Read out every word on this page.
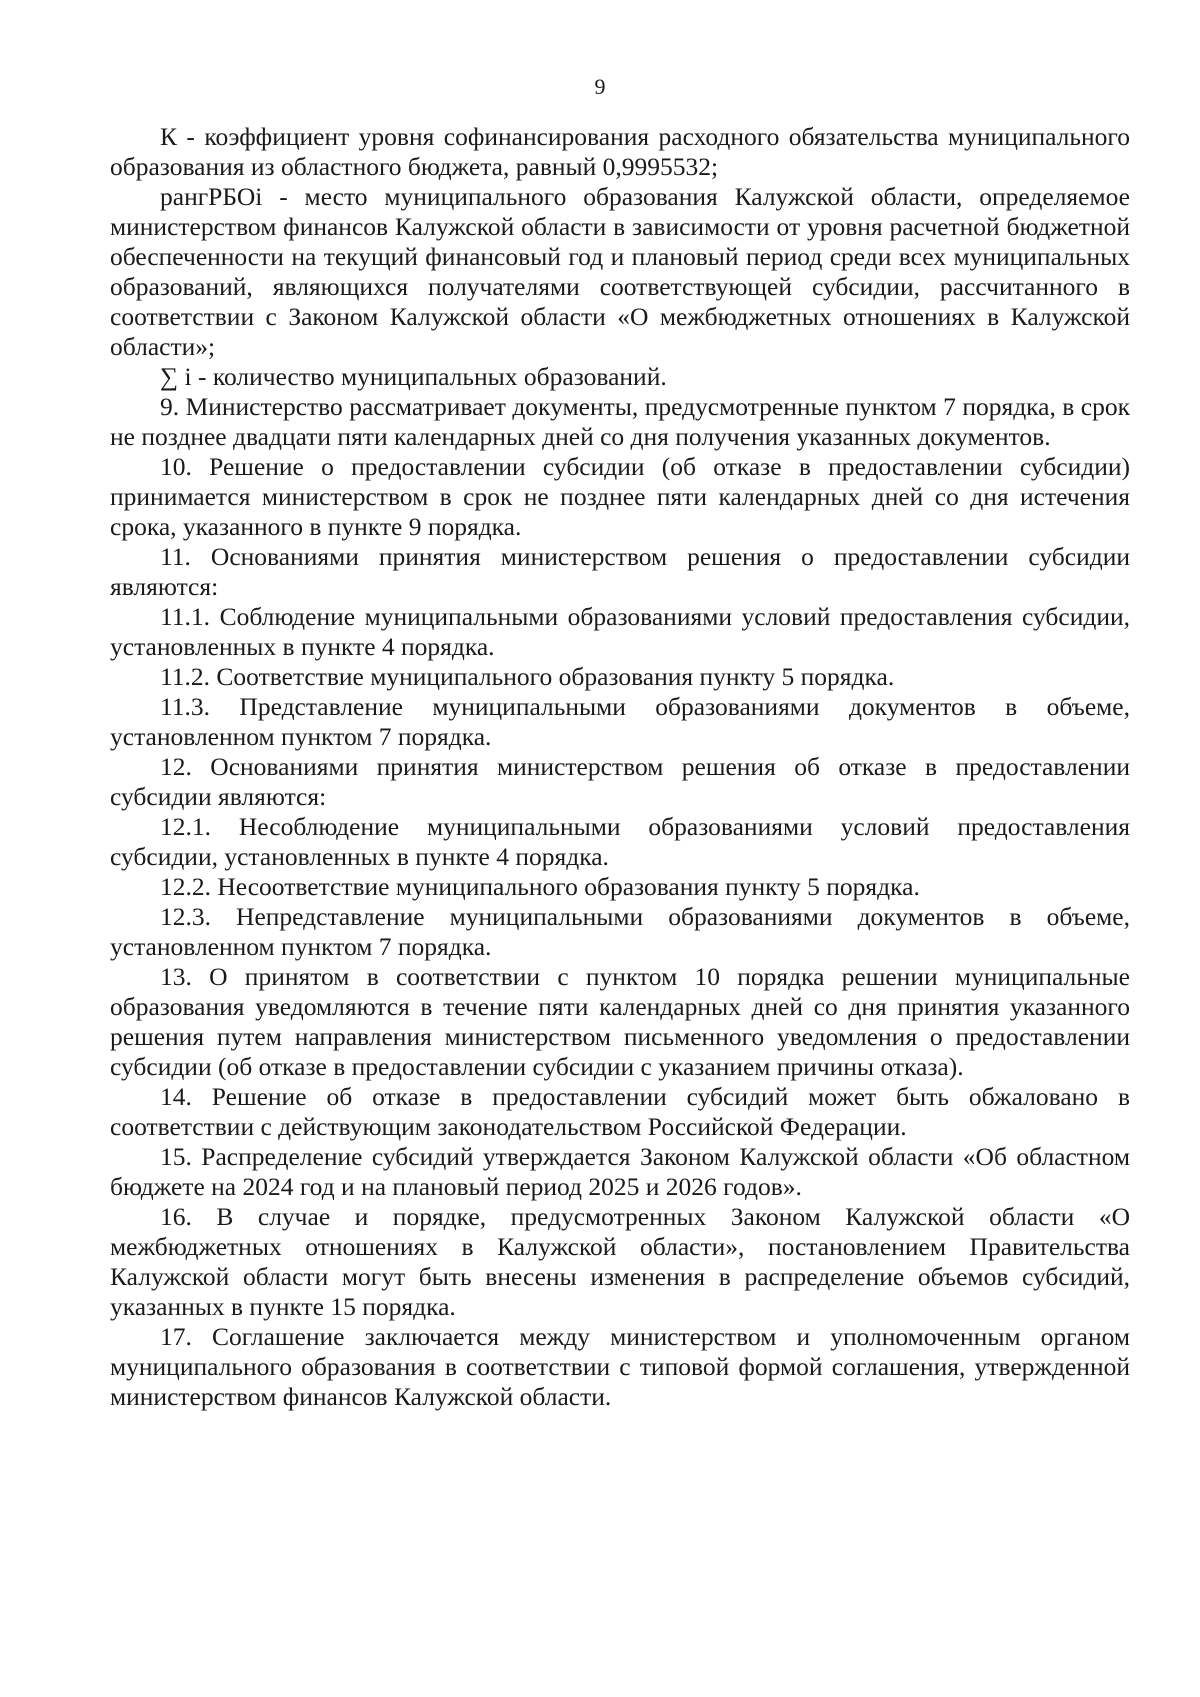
9

К - коэффициент уровня софинансирования расходного обязательства муниципального образования из областного бюджета, равный 0,9995532;

рангРБОi - место муниципального образования Калужской области, определяемое министерством финансов Калужской области в зависимости от уровня расчетной бюджетной обеспеченности на текущий финансовый год и плановый период среди всех муниципальных образований, являющихся получателями соответствующей субсидии, рассчитанного в соответствии с Законом Калужской области «О межбюджетных отношениях в Калужской области»;

∑ i - количество муниципальных образований.

9. Министерство рассматривает документы, предусмотренные пунктом 7 порядка, в срок не позднее двадцати пяти календарных дней со дня получения указанных документов.

10. Решение о предоставлении субсидии (об отказе в предоставлении субсидии) принимается министерством в срок не позднее пяти календарных дней со дня истечения срока, указанного в пункте 9 порядка.

11. Основаниями принятия министерством решения о предоставлении субсидии являются:

11.1. Соблюдение муниципальными образованиями условий предоставления субсидии, установленных в пункте 4 порядка.

11.2. Соответствие муниципального образования пункту 5 порядка.

11.3. Представление муниципальными образованиями документов в объеме, установленном пунктом 7 порядка.

12. Основаниями принятия министерством решения об отказе в предоставлении субсидии являются:

12.1. Несоблюдение муниципальными образованиями условий предоставления субсидии, установленных в пункте 4 порядка.

12.2. Несоответствие муниципального образования пункту 5 порядка.

12.3. Непредставление муниципальными образованиями документов в объеме, установленном пунктом 7 порядка.

13. О принятом в соответствии с пунктом 10 порядка решении муниципальные образования уведомляются в течение пяти календарных дней со дня принятия указанного решения путем направления министерством письменного уведомления о предоставлении субсидии (об отказе в предоставлении субсидии с указанием причины отказа).

14. Решение об отказе в предоставлении субсидий может быть обжаловано в соответствии с действующим законодательством Российской Федерации.

15. Распределение субсидий утверждается Законом Калужской области «Об областном бюджете на 2024 год и на плановый период 2025 и 2026 годов».

16. В случае и порядке, предусмотренных Законом Калужской области «О межбюджетных отношениях в Калужской области», постановлением Правительства Калужской области могут быть внесены изменения в распределение объемов субсидий, указанных в пункте 15 порядка.

17. Соглашение заключается между министерством и уполномоченным органом муниципального образования в соответствии с типовой формой соглашения, утвержденной министерством финансов Калужской области.
